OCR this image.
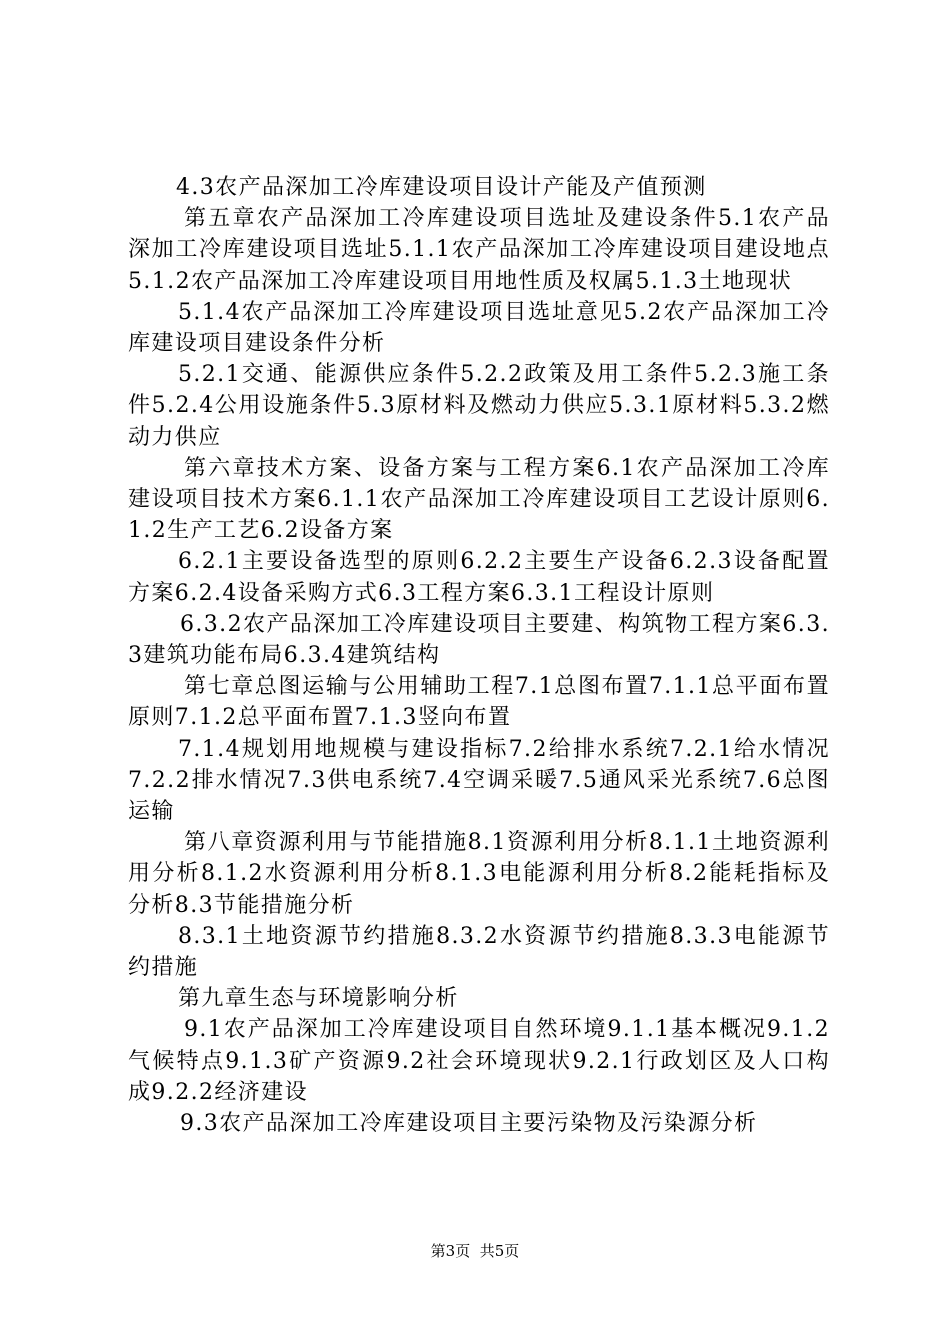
4.3农产品深加工冷库建设项目设计产能及产值预测

第五章农产品深加工冷库建设项目选址及建设条件5.1农产品深加工冷库建设项目选址5.1.1农产品深加工冷库建设项目建设地点5.1.2农产品深加工冷库建设项目用地性质及权属5.1.3土地现状

5.1.4农产品深加工冷库建设项目选址意见5.2农产品深加工冷库建设项目建设条件分析

5.2.1交通、能源供应条件5.2.2政策及用工条件5.2.3施工条件5.2.4公用设施条件5.3原材料及燃动力供应5.3.1原材料5.3.2燃动力供应

第六章技术方案、设备方案与工程方案6.1农产品深加工冷库建设项目技术方案6.1.1农产品深加工冷库建设项目工艺设计原则6.1.2生产工艺6.2设备方案

6.2.1主要设备选型的原则6.2.2主要生产设备6.2.3设备配置方案6.2.4设备采购方式6.3工程方案6.3.1工程设计原则

6.3.2农产品深加工冷库建设项目主要建、构筑物工程方案6.3.3建筑功能布局6.3.4建筑结构

第七章总图运输与公用辅助工程7.1总图布置7.1.1总平面布置原则7.1.2总平面布置7.1.3竖向布置

7.1.4规划用地规模与建设指标7.2给排水系统7.2.1给水情况7.2.2排水情况7.3供电系统7.4空调采暖7.5通风采光系统7.6总图运输

第八章资源利用与节能措施8.1资源利用分析8.1.1土地资源利用分析8.1.2水资源利用分析8.1.3电能源利用分析8.2能耗指标及分析8.3节能措施分析

8.3.1土地资源节约措施8.3.2水资源节约措施8.3.3电能源节约措施

第九章生态与环境影响分析

9.1农产品深加工冷库建设项目自然环境9.1.1基本概况9.1.2气候特点9.1.3矿产资源9.2社会环境现状9.2.1行政划区及人口构成9.2.2经济建设

9.3农产品深加工冷库建设项目主要污染物及污染源分析

第3页 共5页
